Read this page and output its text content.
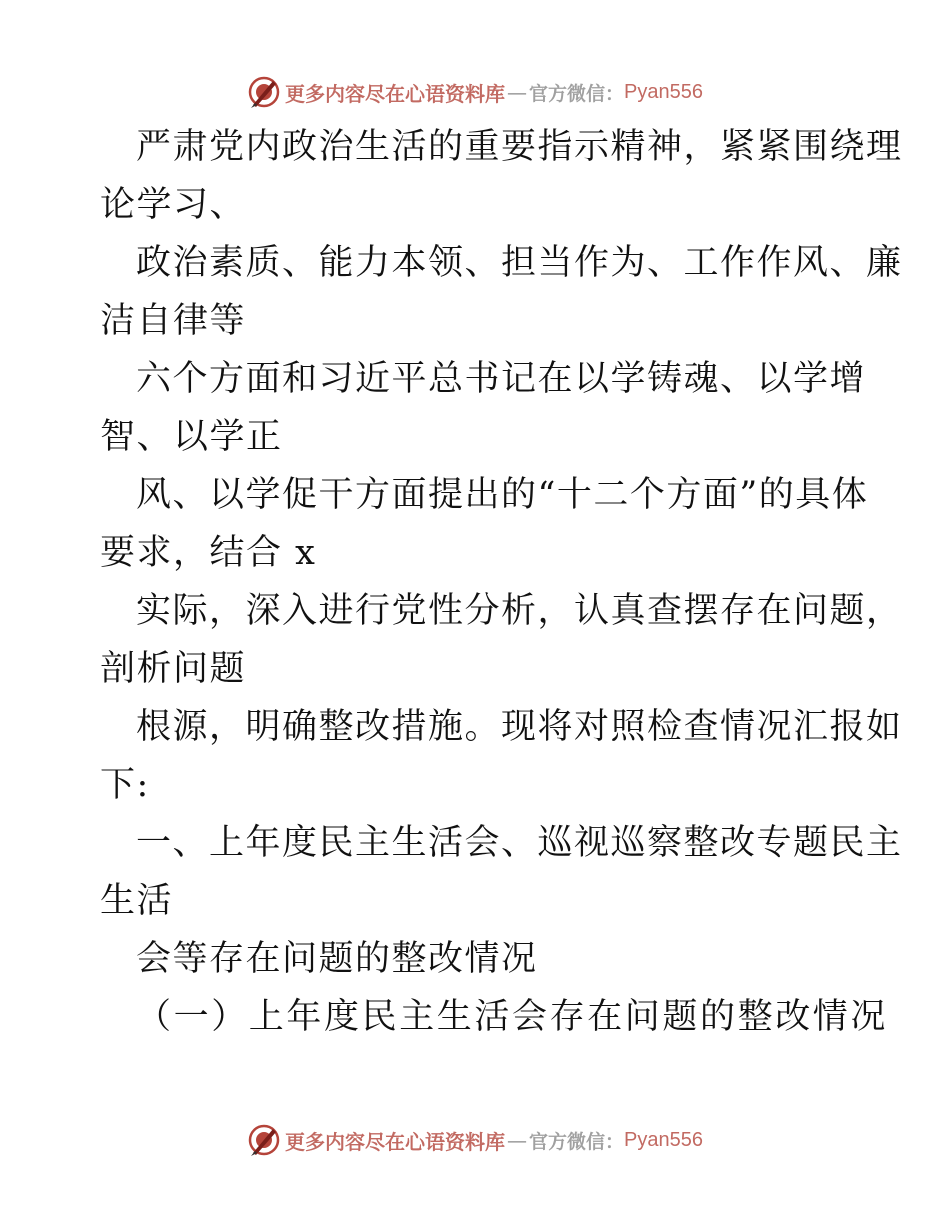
更多内容尽在心语资料库 — 官方微信： Pyan556
严肃党内政治生活的重要指示精神，紧紧围绕理
论学习、
政治素质、能力本领、担当作为、工作作风、廉
洁自律等
六个方面和习近平总书记在以学铸魂、以学增
智、以学正
风、以学促干方面提出的“十二个方面”的具体
要求，结合 x
实际，深入进行党性分析，认真查摆存在问题，
剖析问题
根源，明确整改措施。现将对照检查情况汇报如
下:
一、上年度民主生活会、巡视巡察整改专题民主
生活
会等存在问题的整改情况
（一）上年度民主生活会存在问题的整改情况
更多内容尽在心语资料库 — 官方微信： Pyan556
